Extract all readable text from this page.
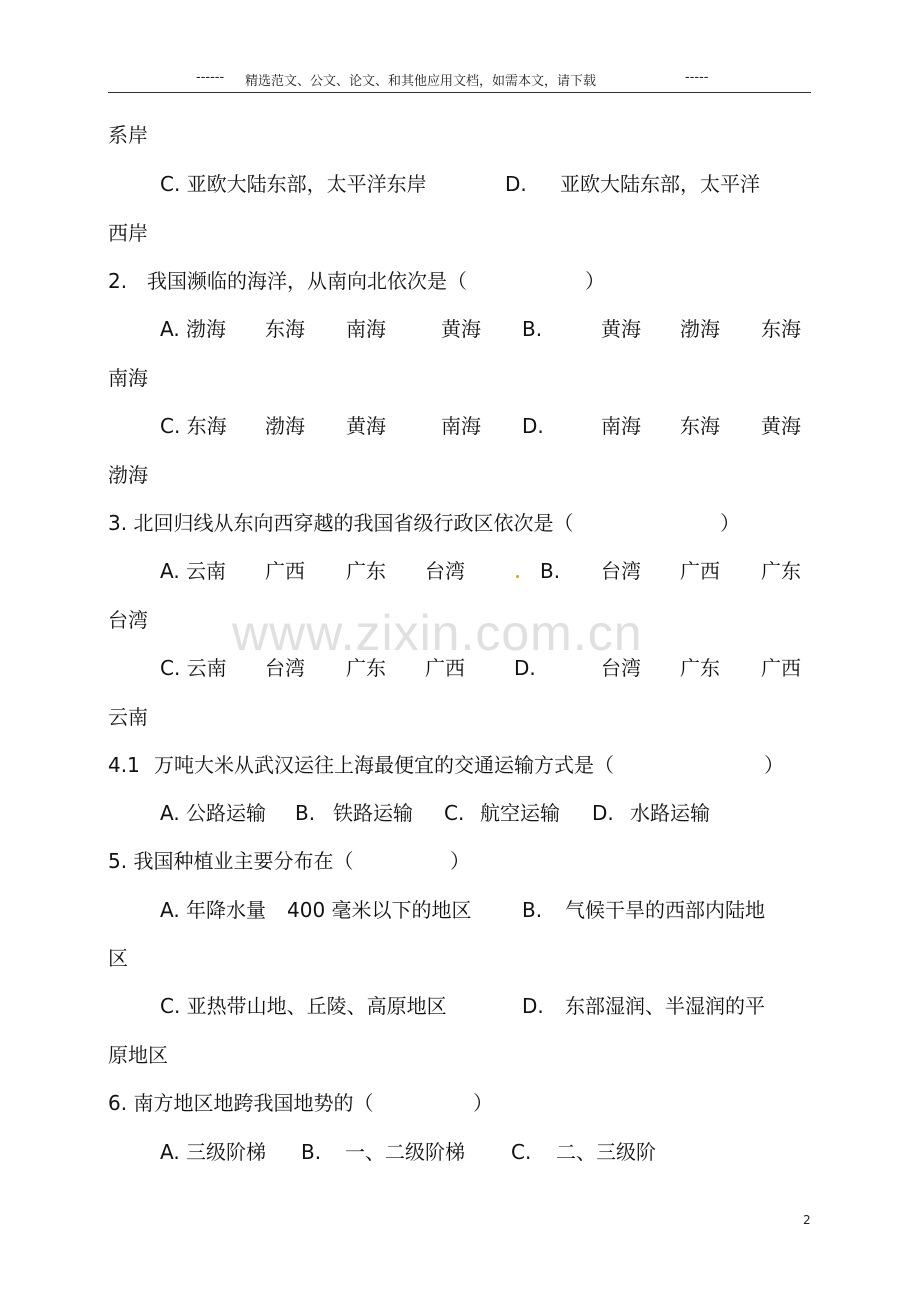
------ 精选范文、公文、论文、和其他应用文档，如需本文，请下载	-----
系岸
C. 亚欧大陆东部，太平洋东岸	D. 亚欧大陆东部，太平洋
西岸
2. 我国濒临的海洋，从南向北依次是（	）
A. 渤海 东海 南海	黄海 B.	黄海 渤海 东海
南海
C. 东海 渤海 黄海	南海 D.	南海 东海 黄海
渤海
3. 北回归线从东向西穿越的我国省级行政区依次是（	）
A. 云南 广西 广东 台湾	B. 台湾 广西 广东
台湾 www.zixin.com.cn
C. 云南 台湾 广东 广西 D.	台湾 广东 广西
云南
4.1 万吨大米从武汉运往上海最便宜的交通运输方式是（	）
A. 公路运输 B. 铁路运输 C. 航空运输 D. 水路运输
5. 我国种植业主要分布在（	）
A. 年降水量 400 毫米以下的地区	B. 气候干旱的西部内陆地
区
C. 亚热带山地、丘陵、高原地区	D. 东部湿润、半湿润的平
原地区
6. 南方地区地跨我国地势的（	）
A. 三级阶梯 B. 一、二级阶梯 C. 二、三级阶
2
